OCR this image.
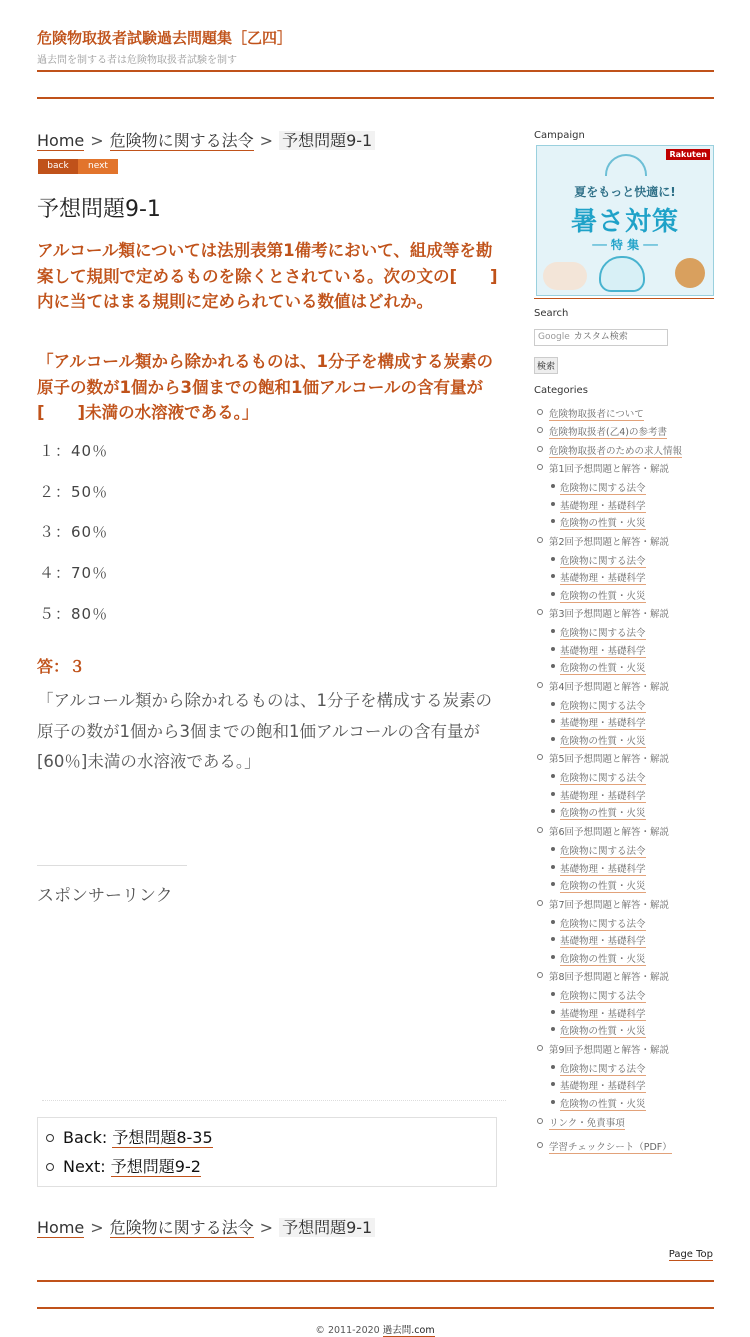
危険物取扱者試験過去問題集［乙四］
過去問を制する者は危険物取扱者試験を制す
Home > 危険物に関する法令 > 予想問題9-1
back	next
予想問題9-1
アルコール類については法別表第1備考において、組成等を勘案して規則で定めるものを除くとされている。次の文の[　　]内に当てはまる規則に定められている数値はどれか。
「アルコール類から除かれるものは、1分子を構成する炭素の原子の数が1個から3個までの飽和1価アルコールの含有量が[　　]未満の水溶液である。」
１：40％
２：50％
３：60％
４：70％
５：80％
答：３
「アルコール類から除かれるものは、1分子を構成する炭素の原子の数が1個から3個までの飽和1価アルコールの含有量が[60％]未満の水溶液である。」
スポンサーリンク
Back: 予想問題8-35
Next: 予想問題9-2
Home > 危険物に関する法令 > 予想問題9-1
Page Top
© 2011-2020 過去問.com
Campaign
Rakuten
夏をもっと快適に!
暑さ対策
── 特 集 ──
Search
Google カスタム検索
検索
Categories
危険物取扱者について
危険物取扱者(乙4)の参考書
危険物取扱者のための求人情報
第1回予想問題と解答・解説
危険物に関する法令
基礎物理・基礎科学
危険物の性質・火災
第2回予想問題と解答・解説
危険物に関する法令
基礎物理・基礎科学
危険物の性質・火災
第3回予想問題と解答・解説
危険物に関する法令
基礎物理・基礎科学
危険物の性質・火災
第4回予想問題と解答・解説
危険物に関する法令
基礎物理・基礎科学
危険物の性質・火災
第5回予想問題と解答・解説
危険物に関する法令
基礎物理・基礎科学
危険物の性質・火災
第6回予想問題と解答・解説
危険物に関する法令
基礎物理・基礎科学
危険物の性質・火災
第7回予想問題と解答・解説
危険物に関する法令
基礎物理・基礎科学
危険物の性質・火災
第8回予想問題と解答・解説
危険物に関する法令
基礎物理・基礎科学
危険物の性質・火災
第9回予想問題と解答・解説
危険物に関する法令
基礎物理・基礎科学
危険物の性質・火災
リンク・免責事項
学習チェックシート（PDF）
